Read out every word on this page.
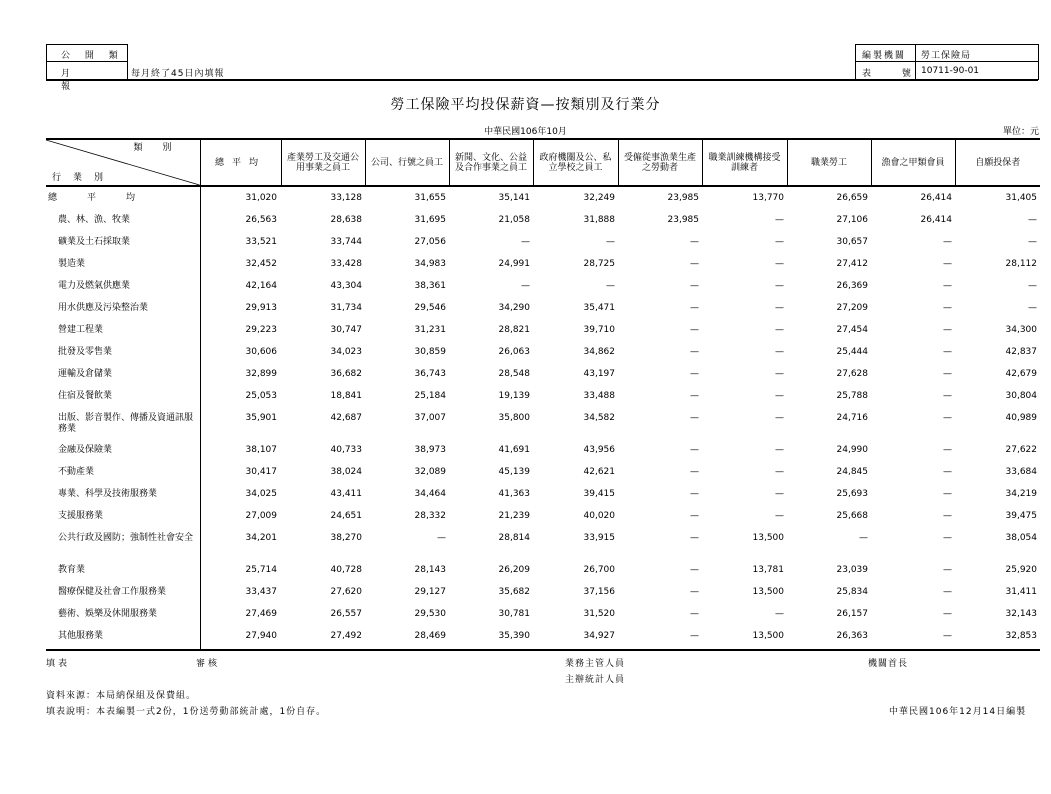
公 開 類
月 報
每月終了45日內填報
編製機關 勞工保險局
表 號
10711-90-01
勞工保險平均投保薪資—按類別及行業分
中華民國106年10月	單位：元
類別
行業別	總平均	產業勞工及交通公用事業之員工	公司、行號之員工	新聞、文化、公益及合作事業之員工	政府機關及公、私立學校之員工	受僱從事漁業生產之勞動者	職業訓練機構接受訓練者	職業勞工	漁會之甲類會員	自願投保者
總平均	31,020	33,128	31,655	35,141	32,249	23,985	13,770	26,659	26,414	31,405
農、林、漁、牧業	26,563	28,638	31,695	21,058	31,888	23,985	—	27,106	26,414	—
礦業及土石採取業	33,521	33,744	27,056	—	—	—	—	30,657	—	—
製造業	32,452	33,428	34,983	24,991	28,725	—	—	27,412	—	28,112
電力及燃氣供應業	42,164	43,304	38,361	—	—	—	—	26,369	—	—
用水供應及污染整治業	29,913	31,734	29,546	34,290	35,471	—	—	27,209	—	—
營建工程業	29,223	30,747	31,231	28,821	39,710	—	—	27,454	—	34,300
批發及零售業	30,606	34,023	30,859	26,063	34,862	—	—	25,444	—	42,837
運輸及倉儲業	32,899	36,682	36,743	28,548	43,197	—	—	27,628	—	42,679
住宿及餐飲業	25,053	18,841	25,184	19,139	33,488	—	—	25,788	—	30,804
出版、影音製作、傳播及資通訊服務業	35,901	42,687	37,007	35,800	34,582	—	—	24,716	—	40,989
金融及保險業	38,107	40,733	38,973	41,691	43,956	—	—	24,990	—	27,622
不動產業	30,417	38,024	32,089	45,139	42,621	—	—	24,845	—	33,684
專業、科學及技術服務業	34,025	43,411	34,464	41,363	39,415	—	—	25,693	—	34,219
支援服務業	27,009	24,651	28,332	21,239	40,020	—	—	25,668	—	39,475
公共行政及國防；強制性社會安全	34,201	38,270	—	28,814	33,915	—	13,500	—	—	38,054
教育業	25,714	40,728	28,143	26,209	26,700	—	13,781	23,039	—	25,920
醫療保健及社會工作服務業	33,437	27,620	29,127	35,682	37,156	—	13,500	25,834	—	31,411
藝術、娛樂及休閒服務業	27,469	26,557	29,530	30,781	31,520	—	—	26,157	—	32,143
其他服務業	27,940	27,492	28,469	35,390	34,927	—	13,500	26,363	—	32,853
填表	審核	業務主管人員
主辦統計人員
機關首長
資料來源：本局納保組及保費組。
填表說明：本表編製一式2份，1份送勞動部統計處，1份自存。	中華民國106年12月14日編製
